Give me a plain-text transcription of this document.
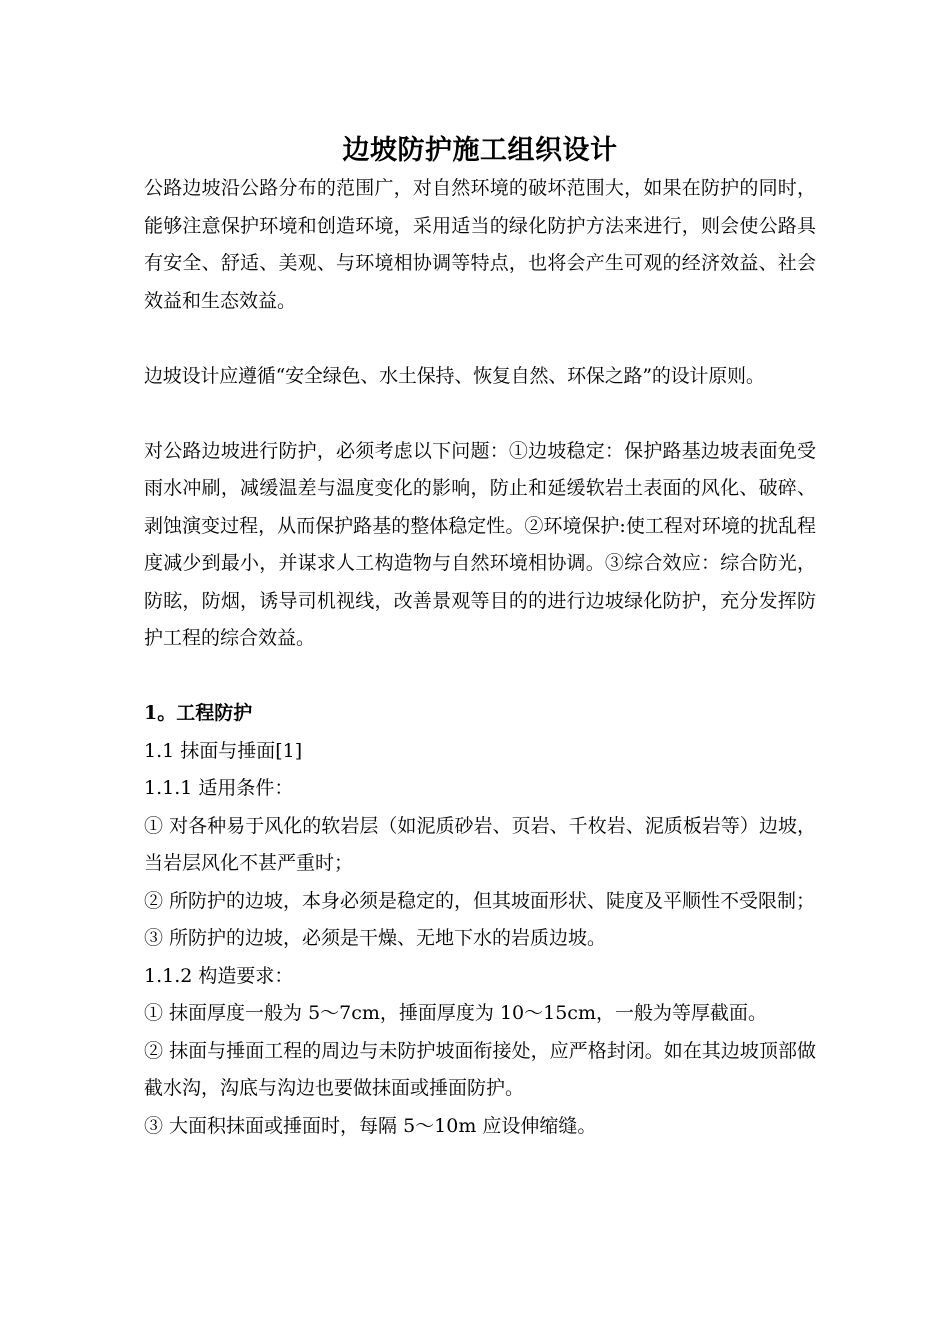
边坡防护施工组织设计

公路边坡沿公路分布的范围广，对自然环境的破坏范围大，如果在防护的同时，能够注意保护环境和创造环境，采用适当的绿化防护方法来进行，则会使公路具有安全、舒适、美观、与环境相协调等特点，也将会产生可观的经济效益、社会效益和生态效益。

边坡设计应遵循“安全绿色、水土保持、恢复自然、环保之路”的设计原则。

对公路边坡进行防护，必须考虑以下问题：①边坡稳定：保护路基边坡表面免受雨水冲刷，减缓温差与温度变化的影响，防止和延缓软岩土表面的风化、破碎、剥蚀演变过程，从而保护路基的整体稳定性。②环境保护:使工程对环境的扰乱程度减少到最小，并谋求人工构造物与自然环境相协调。③综合效应：综合防光，防眩，防烟，诱导司机视线，改善景观等目的的进行边坡绿化防护，充分发挥防护工程的综合效益。

1。工程防护

1.1 抹面与捶面[1]

1.1.1 适用条件：

① 对各种易于风化的软岩层（如泥质砂岩、页岩、千枚岩、泥质板岩等）边坡，当岩层风化不甚严重时；

② 所防护的边坡，本身必须是稳定的，但其坡面形状、陡度及平顺性不受限制；

③ 所防护的边坡，必须是干燥、无地下水的岩质边坡。

1.1.2 构造要求：

① 抹面厚度一般为 5～7cm，捶面厚度为 10～15cm，一般为等厚截面。

② 抹面与捶面工程的周边与未防护坡面衔接处，应严格封闭。如在其边坡顶部做截水沟，沟底与沟边也要做抹面或捶面防护。

③ 大面积抹面或捶面时，每隔 5～10m 应设伸缩缝。
